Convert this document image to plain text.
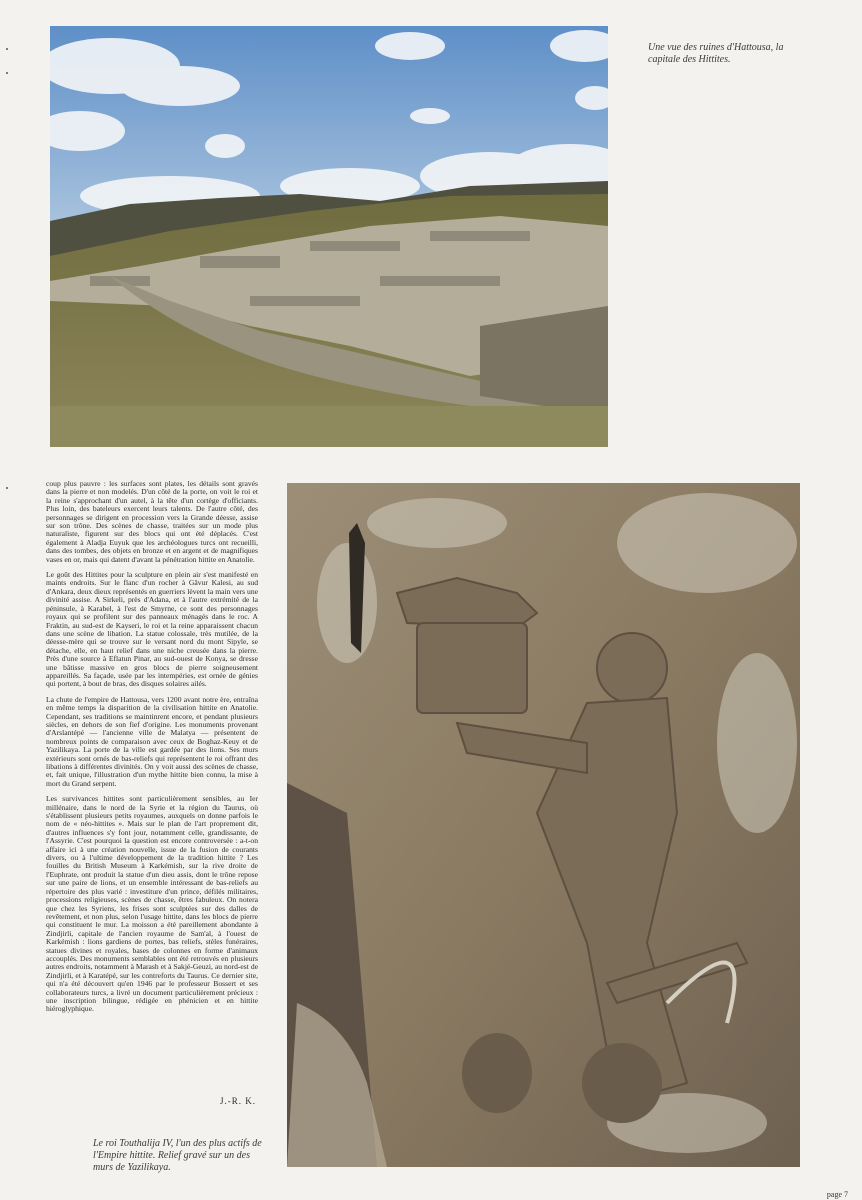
Une vue des ruines d'Hattousa, la capitale des Hittites.

coup plus pauvre : les surfaces sont plates, les détails sont gravés dans la pierre et non modelés. D'un côté de la porte, on voit le roi et la reine s'approchant d'un autel, à la tête d'un cortège d'officiants. Plus loin, des bateleurs exercent leurs talents. De l'autre côté, des personnages se dirigent en procession vers la Grande déesse, assise sur son trône. Des scènes de chasse, traitées sur un mode plus naturaliste, figurent sur des blocs qui ont été déplacés. C'est également à Aladja Euyuk que les archéologues turcs ont recueilli, dans des tombes, des objets en bronze et en argent et de magnifiques vases en or, mais qui datent d'avant la pénétration hittite en Anatolie.

Le goût des Hittites pour la sculpture en plein air s'est manifesté en maints endroits. Sur le flanc d'un rocher à Gâvur Kalesi, au sud d'Ankara, deux dieux représentés en guerriers lèvent la main vers une divinité assise. A Sirkeli, près d'Adana, et à l'autre extrémité de la péninsule, à Karabel, à l'est de Smyrne, ce sont des personnages royaux qui se profilent sur des panneaux ménagés dans le roc. A Fraktin, au sud-est de Kayseri, le roi et la reine apparaissent chacun dans une scène de libation. La statue colossale, très mutilée, de la déesse-mère qui se trouve sur le versant nord du mont Sipyle, se détache, elle, en haut relief dans une niche creusée dans la pierre. Près d'une source à Eflatun Pinar, au sud-ouest de Konya, se dresse une bâtisse massive en gros blocs de pierre soigneusement appareillés. Sa façade, usée par les intempéries, est ornée de génies qui portent, à bout de bras, des disques solaires ailés.

La chute de l'empire de Hattousa, vers 1200 avant notre ère, entraîna en même temps la disparition de la civilisation hittite en Anatolie. Cependant, ses traditions se maintinrent encore, et pendant plusieurs siècles, en dehors de son fief d'origine. Les monuments provenant d'Arslantépé — l'ancienne ville de Malatya — présentent de nombreux points de comparaison avec ceux de Boghaz-Keuy et de Yazilikaya. La porte de la ville est gardée par des lions. Ses murs extérieurs sont ornés de bas-reliefs qui représentent le roi offrant des libations à différentes divinités. On y voit aussi des scènes de chasse, et, fait unique, l'illustration d'un mythe hittite bien connu, la mise à mort du Grand serpent.

Les survivances hittites sont particulièrement sensibles, au Ier millénaire, dans le nord de la Syrie et la région du Taurus, où s'établissent plusieurs petits royaumes, auxquels on donne parfois le nom de « néo-hittites ». Mais sur le plan de l'art proprement dit, d'autres influences s'y font jour, notamment celle, grandissante, de l'Assyrie. C'est pourquoi la question est encore controversée : a-t-on affaire ici à une création nouvelle, issue de la fusion de courants divers, ou à l'ultime développement de la tradition hittite ? Les fouilles du British Museum à Karkémish, sur la rive droite de l'Euphrate, ont produit la statue d'un dieu assis, dont le trône repose sur une paire de lions, et un ensemble intéressant de bas-reliefs au répertoire des plus varié : investiture d'un prince, défilés militaires, processions religieuses, scènes de chasse, êtres fabuleux. On notera que chez les Syriens, les frises sont sculptées sur des dalles de revêtement, et non plus, selon l'usage hittite, dans les blocs de pierre qui constituent le mur. La moisson a été pareillement abondante à Zindjirli, capitale de l'ancien royaume de Sam'al, à l'ouest de Karkémish : lions gardiens de portes, bas reliefs, stèles funéraires, statues divines et royales, bases de colonnes en forme d'animaux accouplés. Des monuments semblables ont été retrouvés en plusieurs autres endroits, notamment à Marash et à Sakjé-Geuzi, au nord-est de Zindjirli, et à Karatépé, sur les contreforts du Taurus. Ce dernier site, qui n'a été découvert qu'en 1946 par le professeur Bossert et ses collaborateurs turcs, a livré un document particulièrement précieux : une inscription bilingue, rédigée en phénicien et en hittite hiéroglyphique.

J.-R. K.

Le roi Touthalija IV, l'un des plus actifs de l'Empire hittite. Relief gravé sur un des murs de Yazilikaya.

page 7
